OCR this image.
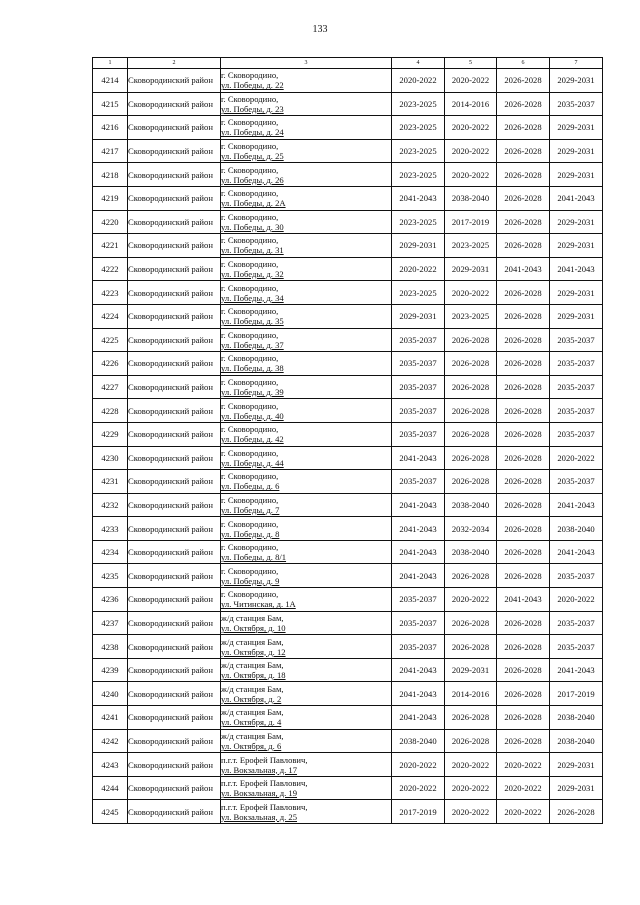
133
1	2	3	4	5	6	7
4214	Сковородинский район	г. Сковородино,
ул. Победы, д. 22	2020-2022	2020-2022	2026-2028	2029-2031
4215	Сковородинский район	г. Сковородино,
ул. Победы, д. 23	2023-2025	2014-2016	2026-2028	2035-2037
4216	Сковородинский район	г. Сковородино,
ул. Победы, д. 24	2023-2025	2020-2022	2026-2028	2029-2031
4217	Сковородинский район	г. Сковородино,
ул. Победы, д. 25	2023-2025	2020-2022	2026-2028	2029-2031
4218	Сковородинский район	г. Сковородино,
ул. Победы, д. 26	2023-2025	2020-2022	2026-2028	2029-2031
4219	Сковородинский район	г. Сковородино,
ул. Победы, д. 2А	2041-2043	2038-2040	2026-2028	2041-2043
4220	Сковородинский район	г. Сковородино,
ул. Победы, д. 30	2023-2025	2017-2019	2026-2028	2029-2031
4221	Сковородинский район	г. Сковородино,
ул. Победы, д. 31	2029-2031	2023-2025	2026-2028	2029-2031
4222	Сковородинский район	г. Сковородино,
ул. Победы, д. 32	2020-2022	2029-2031	2041-2043	2041-2043
4223	Сковородинский район	г. Сковородино,
ул. Победы, д. 34	2023-2025	2020-2022	2026-2028	2029-2031
4224	Сковородинский район	г. Сковородино,
ул. Победы, д. 35	2029-2031	2023-2025	2026-2028	2029-2031
4225	Сковородинский район	г. Сковородино,
ул. Победы, д. 37	2035-2037	2026-2028	2026-2028	2035-2037
4226	Сковородинский район	г. Сковородино,
ул. Победы, д. 38	2035-2037	2026-2028	2026-2028	2035-2037
4227	Сковородинский район	г. Сковородино,
ул. Победы, д. 39	2035-2037	2026-2028	2026-2028	2035-2037
4228	Сковородинский район	г. Сковородино,
ул. Победы, д. 40	2035-2037	2026-2028	2026-2028	2035-2037
4229	Сковородинский район	г. Сковородино,
ул. Победы, д. 42	2035-2037	2026-2028	2026-2028	2035-2037
4230	Сковородинский район	г. Сковородино,
ул. Победы, д. 44	2041-2043	2026-2028	2026-2028	2020-2022
4231	Сковородинский район	г. Сковородино,
ул. Победы, д. 6	2035-2037	2026-2028	2026-2028	2035-2037
4232	Сковородинский район	г. Сковородино,
ул. Победы, д. 7	2041-2043	2038-2040	2026-2028	2041-2043
4233	Сковородинский район	г. Сковородино,
ул. Победы, д. 8	2041-2043	2032-2034	2026-2028	2038-2040
4234	Сковородинский район	г. Сковородино,
ул. Победы, д. 8/1	2041-2043	2038-2040	2026-2028	2041-2043
4235	Сковородинский район	г. Сковородино,
ул. Победы, д. 9	2041-2043	2026-2028	2026-2028	2035-2037
4236	Сковородинский район	г. Сковородино,
ул. Читинская, д. 1А	2035-2037	2020-2022	2041-2043	2020-2022
4237	Сковородинский район	ж/д станция Бам,
ул. Октября, д. 10	2035-2037	2026-2028	2026-2028	2035-2037
4238	Сковородинский район	ж/д станция Бам,
ул. Октября, д. 12	2035-2037	2026-2028	2026-2028	2035-2037
4239	Сковородинский район	ж/д станция Бам,
ул. Октября, д. 18	2041-2043	2029-2031	2026-2028	2041-2043
4240	Сковородинский район	ж/д станция Бам,
ул. Октября, д. 2	2041-2043	2014-2016	2026-2028	2017-2019
4241	Сковородинский район	ж/д станция Бам,
ул. Октября, д. 4	2041-2043	2026-2028	2026-2028	2038-2040
4242	Сковородинский район	ж/д станция Бам,
ул. Октября, д. 6	2038-2040	2026-2028	2026-2028	2038-2040
4243	Сковородинский район	п.г.т. Ерофей Павлович,
ул. Вокзальная, д. 17	2020-2022	2020-2022	2020-2022	2029-2031
4244	Сковородинский район	п.г.т. Ерофей Павлович,
ул. Вокзальная, д. 19	2020-2022	2020-2022	2020-2022	2029-2031
4245	Сковородинский район	п.г.т. Ерофей Павлович,
ул. Вокзальная, д. 25	2017-2019	2020-2022	2020-2022	2026-2028
